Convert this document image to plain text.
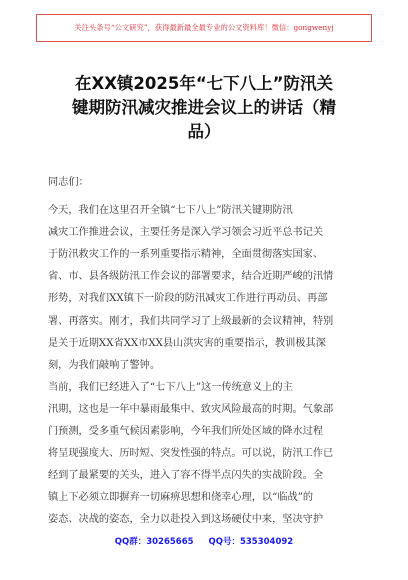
关注头条号“公文研究”，获得最新最全最专业的公文资料库！微信：gongwenyj
在XX镇2025年“七下八上”防汛关
键期防汛减灾推进会议上的讲话（精
品）
同志们：
今天，我们在这里召开全镇“七下八上”防汛关键期防汛
减灾工作推进会议，主要任务是深入学习领会习近平总书记关
于防汛救灾工作的一系列重要指示精神，全面贯彻落实国家、
省、市、县各级防汛工作会议的部署要求，结合近期严峻的汛情
形势，对我们XX镇下一阶段的防汛减灾工作进行再动员、再部
署、再落实。刚才，我们共同学习了上级最新的会议精神，特别
是关于近期XX省XX市XX县山洪灾害的重要指示，教训极其深
刻，为我们敲响了警钟。
当前，我们已经进入了“七下八上”这一传统意义上的主
汛期，这也是一年中暴雨最集中、致灾风险最高的时期。气象部
门预测，受多重气候因素影响，今年我们所处区域的降水过程
将呈现强度大、历时短、突发性强的特点。可以说，防汛工作已
经到了最紧要的关头，进入了容不得半点闪失的实战阶段。全
镇上下必须立即摒弃一切麻痹思想和侥幸心理，以“临战”的
姿态、决战的姿态，全力以赴投入到这场硬仗中来，坚决守护
QQ群：30265665 QQ号：535304092
